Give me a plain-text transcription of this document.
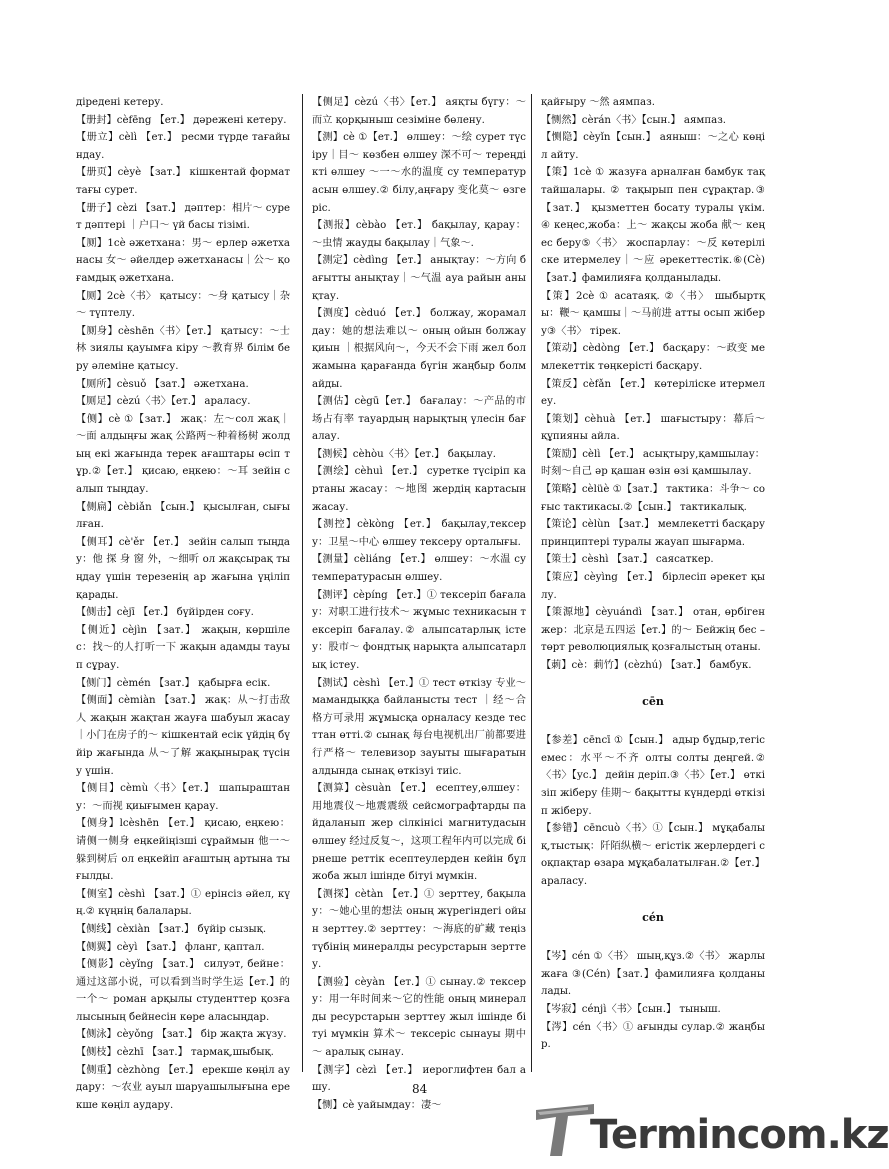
діреденi кетеру.

【册封】cèfēng 【ет.】 дәрежені кетеру.

【册立】cèlì 【ет.】 ресми түрде тағайындау.

【册页】cèyè 【зат.】 кішкентай форматтағы сурет.

【册子】cèzi 【зат.】 дәптер：相片～ сурет дәптері ｜户口～ үй басы тізімі.

【厕】1cè әжетхана：男～ ерлер әжетханасы 女～ әйелдер әжетханасы｜公～ қоғамдық әжетхана.

【厕】2cè〈书〉 қатысу：～身 қатысу｜杂～ түптелу.

【厕身】cèshēn〈书〉【ет.】 қатысу：～士林 зиялы қауымға кіру ～教育界 білім беру әлеміне қатысу.

【厕所】cèsuǒ 【зат.】 әжетхана.

【厕足】cèzú〈书〉【ет.】 араласу.

【侧】cè ①【зат.】 жақ：左～сол жақ｜～面 алдыңғы жақ 公路两～种着杨树 жолдың екі жағында терек ағаштары өсіп тұр.②【ет.】 қисаю, еңкею：～耳 зейін салып тыңдау.

【侧扁】cèbiǎn 【сын.】 қысылған, сығылған.

【侧耳】cè'ěr 【ет.】 зейін салып тыңдау：他 探 身 窗 外，～细听 ол жақсырақ тыңдау үшін терезенің ар жағына үңіліп қарады.

【侧击】cèjī 【ет.】 бүйірден соғу.

【侧近】cèjìn 【зат.】 жақын, көршілес：找～的人打听一下 жақын адамды тауып сұрау.

【侧门】cèmén 【зат.】 қабырға есік.

【侧面】cèmiàn 【зат.】 жақ：从～打击敌人 жақын жақтан жауға шабуыл жасау｜小门在房子的～ кішкентай есік үйдің бүйір жағында 从～了解 жақынырақ түсіну үшін.

【侧目】cèmù〈书〉【ет.】 шапыраштану：～而视 қиығымен қарау.

【侧身】lcèshēn 【ет.】 қисаю, еңкею：请侧一侧身 еңкейіңізші сұраймын 他一～躲到树后 ол еңкейіп ағаштың артына тығылды.

【侧室】cèshì 【зат.】① ерінсіз әйел, күң.② күңнің балалары.

【侧线】cèxiàn 【зат.】 бүйір сызық.

【侧翼】cèyì 【зат.】 фланг, қаптал.

【侧影】cèyǐng 【зат.】 силуэт, бейне：通过这部小说，可以看到当时学生运【ет.】的一个～ роман арқылы студенттер қозғалысының бейнесін көре аласыңдар.

【侧泳】cèyǒng 【зат.】 бір жақта жүзу.

【侧枝】cèzhī 【зат.】 тармақ,шыбық.

【侧重】cèzhòng 【ет.】 ерекше көңіл аудару：～农业 ауыл шаруашылығына ерекше көңіл аудару.

【侧足】cèzú〈书〉【ет.】 аяқты бүгу：～而立 қорқыныш сезіміне бөлену.

【测】cè ①【ет.】 өлшеу：～绘 сурет түсіру｜目～ көзбен өлшеу 深不可～ тереңдікті өлшеу ～一～水的温度 су температурасын өлшеу.② білу,аңғару 变化莫～ өзгеріс.

【测报】cèbào 【ет.】 бақылау, қарау：～虫情 жауды бақылау｜气象～.

【测定】cèdìng 【ет.】 анықтау：～方向 бағытты анықтау｜～气温 ауа райын анықтау.

【测度】cèduó 【ет.】 болжау, жорамалдау：她的想法难以～ оның ойын болжау қиын ｜根据风向～，今天不会下雨 жел болжамына қарағанда бүгін жаңбыр болмайды.

【测估】cègū【ет.】 бағалау：～产品的市场占有率 тауардың нарықтың үлесін бағалау.

【测候】cèhòu〈书〉【ет.】 бақылау.

【测绘】cèhuì 【ет.】 суретке түсіріп картаны жасау：～地图 жердің картасын жасау.

【测控】cèkòng 【ет.】 бақылау,тексеру：卫星～中心 өлшеу тексеру орталығы.

【测量】cèliáng 【ет.】 өлшеу：～水温 су температурасын өлшеу.

【测评】cèpíng 【ет.】① тексеріп бағалау：对职工进行技术～ жұмыс техникасын тексеріп бағалау.② алыпсатарлық істеу：股市～ фондтық нарықта алыпсатарлық істеу.

【测试】cèshì 【ет.】① тест өткізу 专业～ мамандыққа байланысты тест ｜经～合格方可录用 жұмысқа орналасу кезде тесттан өтті.② сынақ 每台电视机出厂前都要进行严格～ телевизор зауыты шығаратын алдында сынақ өткізуі тиіс.

【测算】cèsuàn 【ет.】 есептеу,өлшеу：用地震仪～地震震级 сейсмографтарды пайдаланып жер сілкінісі магнитудасын өлшеу 经过反复～，这项工程年内可以完成 бірнеше реттік есептеулерден кейін бұл жоба жыл ішінде бітуі мүмкін.

【测探】cètàn 【ет.】① зерттеу, бақылау：～她心里的想法 оның жүрегіндегі ойын зерттеу.② зерттеу：～海底的矿藏 теңіз түбінің минералды ресурстарын зерттеу.

【测验】cèyàn 【ет.】① сынау.② тексеру：用一年时间来～它的性能 оның минералды ресурстарын зерттеу жыл ішінде бітуі мүмкін 算术～ тексеріс сынауы 期中～ аралық сынау.

【测字】cèzì 【ет.】 иероглифтен бал ашу.

【恻】cè уайымдау：凄～

қайғыру ～然 аямпаз.

【恻然】cèrán〈书〉【сын.】 аямпаз.

【恻隐】cèyǐn【сын.】 аяныш：～之心 көңіл айту.

【策】1cè ① жазуға арналған бамбук тақтайшалары. ② тақырып пен сұрақтар.③【зат.】 қызметтен босату туралы үкім. ④ кеңес,жоба：上～ жақсы жоба 献～ кеңес беру⑤〈书〉 жоспарлау：～反 көтеріліске итермелеу｜～应 әрекеттестік.⑥(Cè)【зат.】фамилияға қолданылады.

【策】2cè ① асатаяқ. ②〈书〉 шыбыртқы：鞭～ қамшы｜～马前进 атты осып жіберу③〈书〉 тірек.

【策动】cèdòng 【ет.】 басқару：～政变 мемлекеттік төңкерісті басқару.

【策反】cèfǎn 【ет.】 көтеріліске итермелеу.

【策划】cèhuà 【ет.】 шағыстыру：幕后～ құпияны айла.

【策励】cèlì 【ет.】 асықтыру,қамшылау：时刻～自己 әр қашан өзін өзі қамшылау.

【策略】cèlüè ①【зат.】 тактика：斗争～ соғыс тактикасы.②【сын.】 тактикалық.

【策论】cèlùn 【зат.】 мемлекетті басқару принциптері туралы жауап шығарма.

【策士】cèshì 【зат.】 саясаткер.

【策应】cèyìng 【ет.】 бірлесіп әрекет қылу.

【策源地】cèyuándì 【зат.】 отан, өрбіген жер：北京是五四运【ет.】的～ Бейжің бес –төрт революциялық қозғалыстың отаны.

【莿】cè：莿竹】(cèzhú) 【зат.】 бамбук.

cēn

【参差】cēncī ①【сын.】 адыр бұдыр,тегіс емес：水平～不齐 олты солты деңгей.②〈书〉【ус.】 дейін деріп.③〈书〉【ет.】 өткізіп жіберу 佳期～ бақытты күндерді өткізіп жіберу.

【参错】cēncuò〈书〉①【сын.】 мұқабалық,тыстық：阡陌纵横～ егістік жерлердегі соқпақтар өзара мұқабалатылған.②【ет.】 араласу.

cén

【岑】cén ①〈书〉 шың,құз.②〈书〉 жарлы жаға ③(Cén)【зат.】фамилияға қолданылады.

【岑寂】cénjì〈书〉【сын.】 тыныш.

【涔】cén〈书〉① ағынды сулар.② жаңбыр.

84
Termincom.kz
